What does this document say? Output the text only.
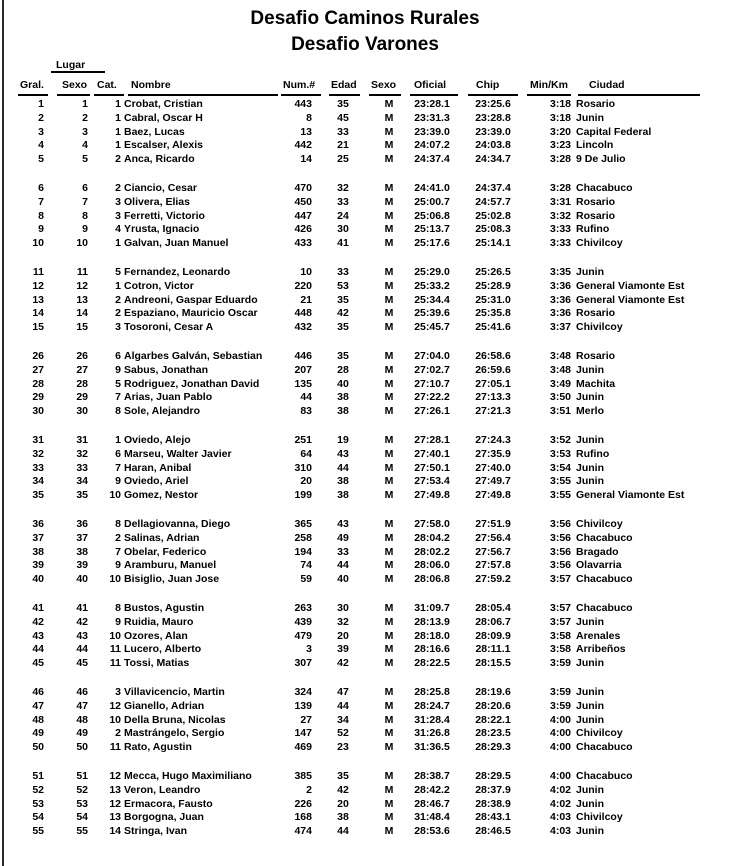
Desafio Caminos Rurales
Desafio Varones
Lugar
Gral. Sexo Cat. Nombre	Num.# Edad Sexo Oficial	Chip	Min/Km Ciudad
1	1	1 Crobat, Cristian	443	35	M	23:28.1	23:25.6	3:18 Rosario
2	2	1 Cabral, Oscar H	8	45	M	23:31.3	23:28.8	3:18 Junin
3	3	1 Baez, Lucas	13	33	M	23:39.0	23:39.0	3:20 Capital Federal
4	4	1 Escalser, Alexis	442	21	M	24:07.2	24:03.8	3:23 Lincoln
5	5	2 Anca, Ricardo	14	25	M	24:37.4	24:34.7	3:28 9 De Julio
6	6	2 Ciancio, Cesar	470	32	M	24:41.0	24:37.4	3:28 Chacabuco
7	7	3 Olivera, Elias	450	33	M	25:00.7	24:57.7	3:31 Rosario
8	8	3 Ferretti, Victorio	447	24	M	25:06.8	25:02.8	3:32 Rosario
9	9	4 Yrusta, Ignacio	426	30	M	25:13.7	25:08.3	3:33 Rufino
10	10	1 Galvan, Juan Manuel	433	41	M	25:17.6	25:14.1	3:33 Chivilcoy
11	11	5 Fernandez, Leonardo	10	33	M	25:29.0	25:26.5	3:35 Junin
12	12	1 Cotron, Victor	220	53	M	25:33.2	25:28.9	3:36 General Viamonte Est
13	13	2 Andreoni, Gaspar Eduardo	21	35	M	25:34.4	25:31.0	3:36 General Viamonte Est
14	14	2 Espaziano, Mauricio Oscar	448	42	M	25:39.6	25:35.8	3:36 Rosario
15	15	3 Tosoroni, Cesar A	432	35	M	25:45.7	25:41.6	3:37 Chivilcoy
26	26	6 Algarbes Galván, Sebastian	446	35	M	27:04.0	26:58.6	3:48 Rosario
27	27	9 Sabus, Jonathan	207	28	M	27:02.7	26:59.6	3:48 Junin
28	28	5 Rodriguez, Jonathan David	135	40	M	27:10.7	27:05.1	3:49 Machita
29	29	7 Arias, Juan Pablo	44	38	M	27:22.2	27:13.3	3:50 Junin
30	30	8 Sole, Alejandro	83	38	M	27:26.1	27:21.3	3:51 Merlo
31	31	1 Oviedo, Alejo	251	19	M	27:28.1	27:24.3	3:52 Junin
32	32	6 Marseu, Walter Javier	64	43	M	27:40.1	27:35.9	3:53 Rufino
33	33	7 Haran, Anibal	310	44	M	27:50.1	27:40.0	3:54 Junin
34	34	9 Oviedo, Ariel	20	38	M	27:53.4	27:49.7	3:55 Junin
35	35	10 Gomez, Nestor	199	38	M	27:49.8	27:49.8	3:55 General Viamonte Est
36	36	8 Dellagiovanna, Diego	365	43	M	27:58.0	27:51.9	3:56 Chivilcoy
37	37	2 Salinas, Adrian	258	49	M	28:04.2	27:56.4	3:56 Chacabuco
38	38	7 Obelar, Federico	194	33	M	28:02.2	27:56.7	3:56 Bragado
39	39	9 Aramburu, Manuel	74	44	M	28:06.0	27:57.8	3:56 Olavarria
40	40	10 Bisiglio, Juan Jose	59	40	M	28:06.8	27:59.2	3:57 Chacabuco
41	41	8 Bustos, Agustin	263	30	M	31:09.7	28:05.4	3:57 Chacabuco
42	42	9 Ruidia, Mauro	439	32	M	28:13.9	28:06.7	3:57 Junin
43	43	10 Ozores, Alan	479	20	M	28:18.0	28:09.9	3:58 Arenales
44	44	11 Lucero, Alberto	3	39	M	28:16.6	28:11.1	3:58 Arribeños
45	45	11 Tossi, Matias	307	42	M	28:22.5	28:15.5	3:59 Junin
46	46	3 Villavicencio, Martin	324	47	M	28:25.8	28:19.6	3:59 Junin
47	47	12 Gianello, Adrian	139	44	M	28:24.7	28:20.6	3:59 Junin
48	48	10 Della Bruna, Nicolas	27	34	M	31:28.4	28:22.1	4:00 Junin
49	49	2 Mastrángelo, Sergio	147	52	M	31:26.8	28:23.5	4:00 Chivilcoy
50	50	11 Rato, Agustin	469	23	M	31:36.5	28:29.3	4:00 Chacabuco
51	51	12 Mecca, Hugo Maximiliano	385	35	M	28:38.7	28:29.5	4:00 Chacabuco
52	52	13 Veron, Leandro	2	42	M	28:42.2	28:37.9	4:02 Junin
53	53	12 Ermacora, Fausto	226	20	M	28:46.7	28:38.9	4:02 Junin
54	54	13 Borgogna, Juan	168	38	M	31:48.4	28:43.1	4:03 Chivilcoy
55	55	14 Stringa, Ivan	474	44	M	28:53.6	28:46.5	4:03 Junin
